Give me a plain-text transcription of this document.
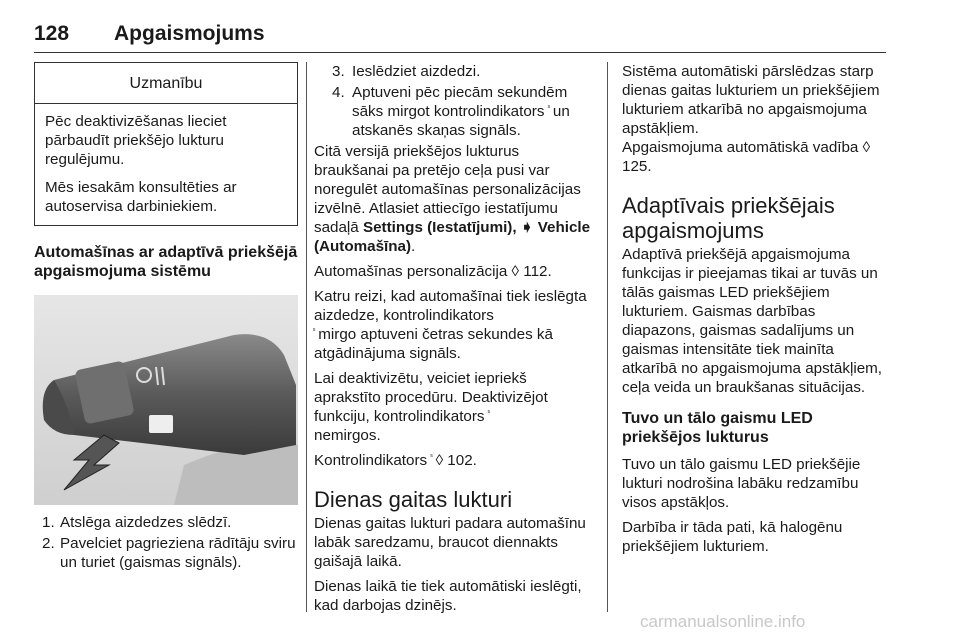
128 Apgaismojums
Uzmanību

Pēc deaktivizēšanas lieciet pārbaudīt priekšējo lukturu regulējumu.

Mēs iesakām konsultēties ar autoservisa darbiniekiem.

Automašīnas ar adaptīvā priekšējā apgaismojuma sistēmu
1. Atslēga aizdedzes slēdzī.
2. Pavelciet pagrieziena rādītāju sviru un turiet (gaismas signāls).
3. Ieslēdziet aizdedzi.
4. Aptuveni pēc piecām sekundēm sāks mirgot kontrolindikators un atskanēs skaņas signāls.

Citā versijā priekšējos lukturus braukšanai pa pretējo ceļa pusi var noregulēt automašīnas personalizācijas izvēlnē. Atlasiet attiecīgo iestatījumu sadaļā Settings (Iestatījumi), ➧ Vehicle (Automašīna).

Automašīnas personalizācija ◊ 112.

Katru reizi, kad automašīnai tiek ieslēgta aizdedze, kontrolindikators
mirgo aptuveni četras sekundes kā atgādinājuma signāls.

Lai deaktivizētu, veiciet iepriekš aprakstīto procedūru. Deaktivizējot funkciju, kontrolindikators
nemirgos.

Kontrolindikators ◊ 102.

Dienas gaitas lukturi

Dienas gaitas lukturi padara automašīnu labāk saredzamu, braucot diennakts gaišajā laikā.

Dienas laikā tie tiek automātiski ieslēgti, kad darbojas dzinējs.

Sistēma automātiski pārslēdzas starp dienas gaitas lukturiem un priekšējiem lukturiem atkarībā no apgaismojuma apstākļiem.

Apgaismojuma automātiskā vadība ◊ 125.

Adaptīvais priekšējais apgaismojums

Adaptīvā priekšējā apgaismojuma funkcijas ir pieejamas tikai ar tuvās un tālās gaismas LED priekšējiem lukturiem. Gaismas darbības diapazons, gaismas sadalījums un gaismas intensitāte tiek mainīta atkarībā no apgaismojuma apstākļiem, ceļa veida un braukšanas situācijas.

Tuvo un tālo gaismu LED priekšējos lukturus

Tuvo un tālo gaismu LED priekšējie lukturi nodrošina labāku redzamību visos apstākļos.

Darbība ir tāda pati, kā halogēnu priekšējiem lukturiem.

carmanualsonline.info
